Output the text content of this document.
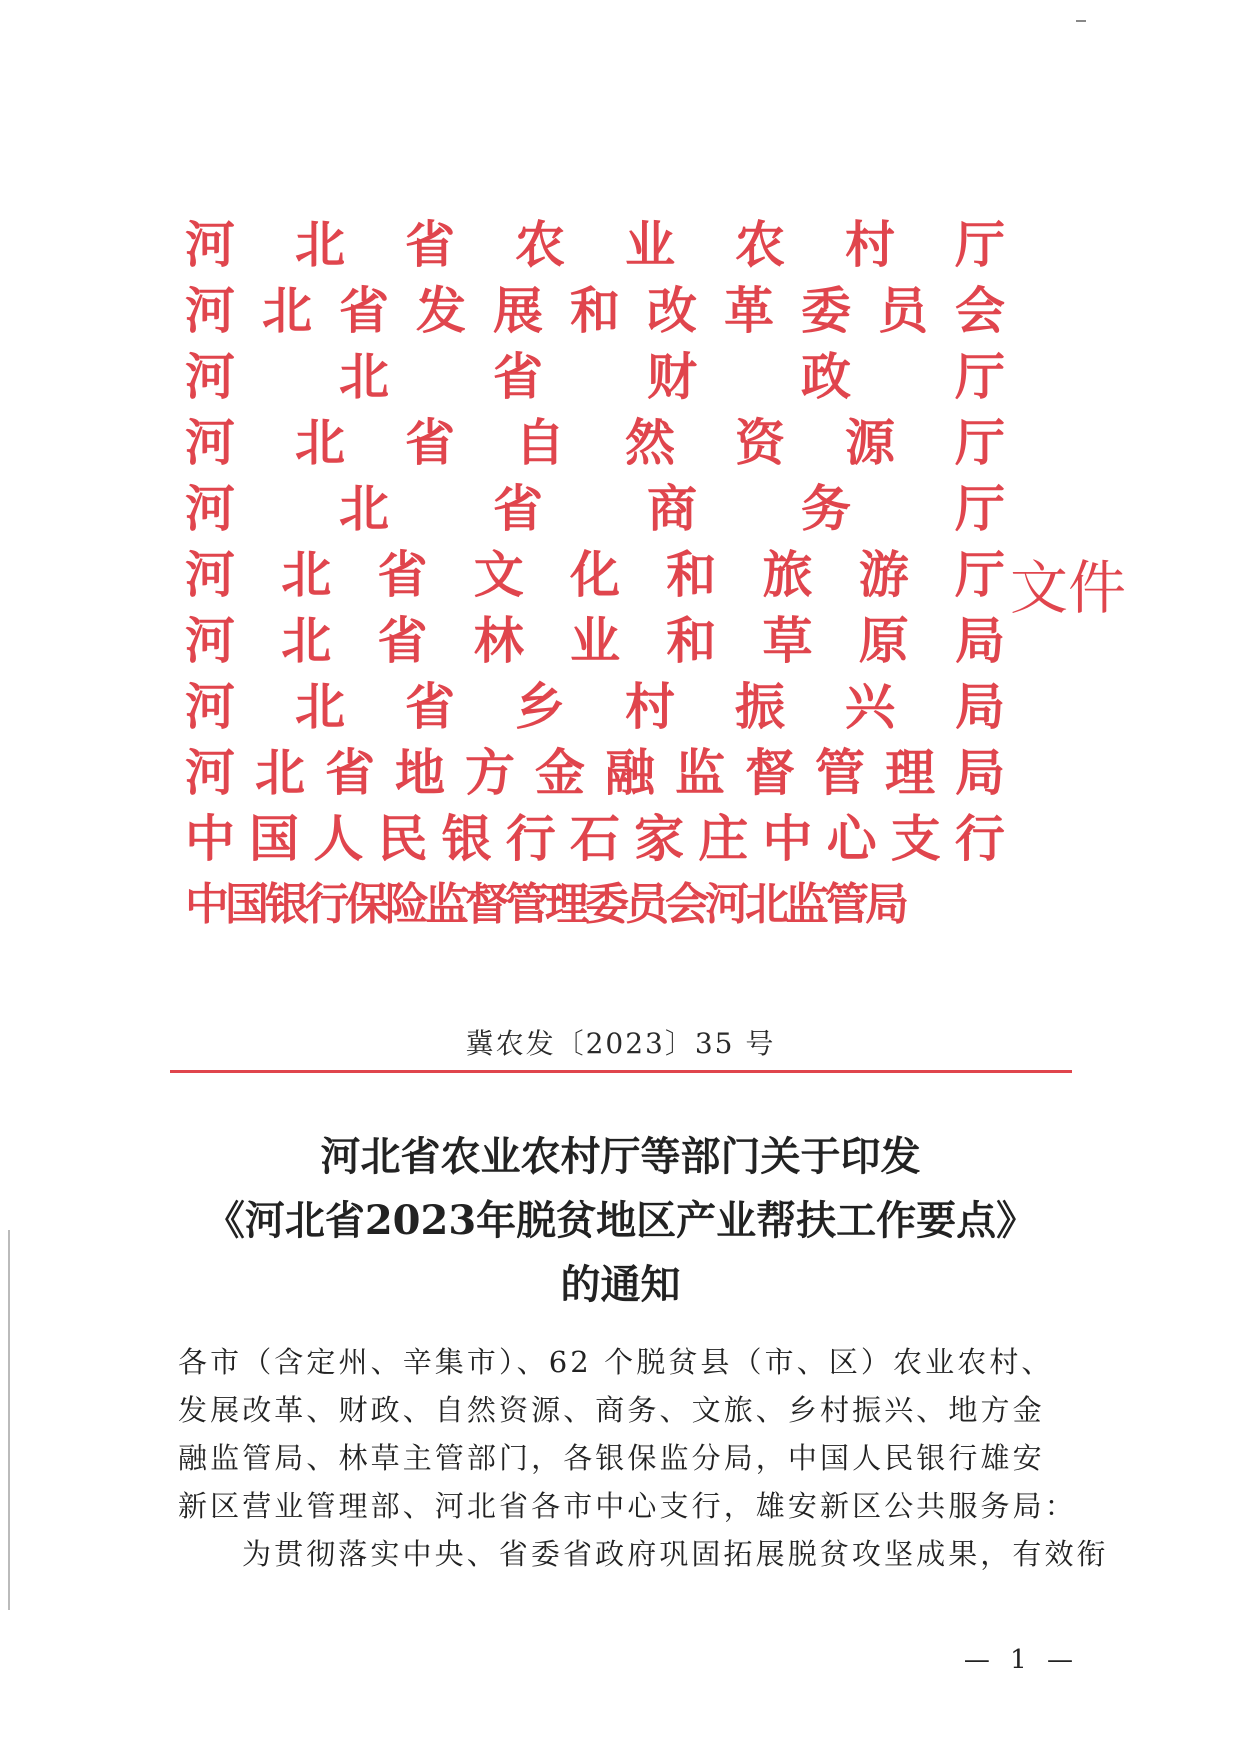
河 北 省 农 业 农 村 厅
河 北 省 发 展 和 改 革 委 员 会
河 北 省 财 政 厅
河 北 省 自 然 资 源 厅
河 北 省 商 务 厅
河 北 省 文 化 和 旅 游 厅
河 北 省 林 业 和 草 原 局
河 北 省 乡 村 振 兴 局
河 北 省 地 方 金 融 监 督 管 理 局
中 国 人 民 银 行 石 家 庄 中 心 支 行
中国银行保险监督管理委员会河北监管局
文件
冀农发〔2023〕35 号
河北省农业农村厅等部门关于印发
《河北省2023年脱贫地区产业帮扶工作要点》
的通知

各市（含定州、辛集市）、62 个脱贫县（市、区）农业农村、
发展改革、财政、自然资源、商务、文旅、乡村振兴、地方金
融监管局、林草主管部门，各银保监分局，中国人民银行雄安
新区营业管理部、河北省各市中心支行，雄安新区公共服务局：

为贯彻落实中央、省委省政府巩固拓展脱贫攻坚成果，有效衔

— 1 —
